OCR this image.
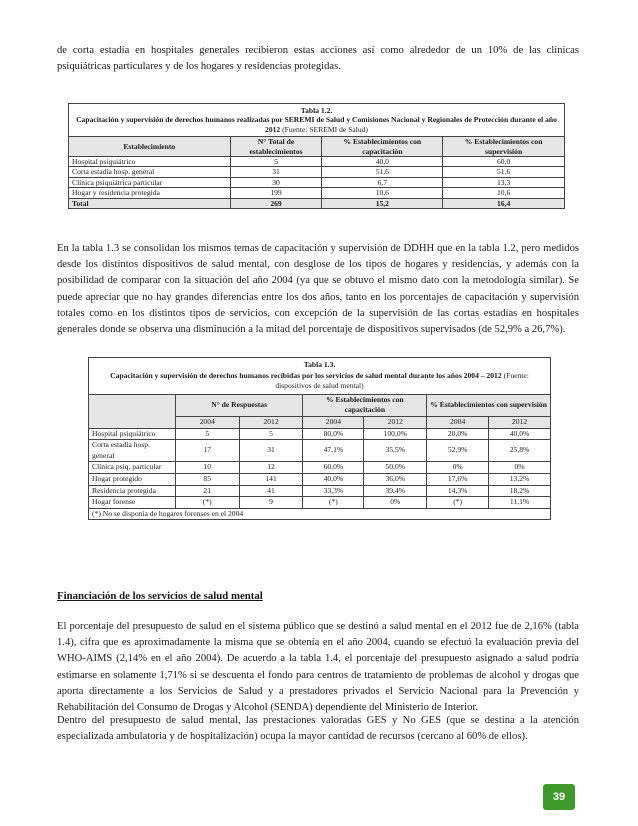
de corta estadía en hospitales generales recibieron estas acciones así como alrededor de un 10% de las clínicas psiquiátricas particulares y de los hogares y residencias protegidas.

Tabla 1.2.
Capacitación y supervisión de derechos humanos realizadas por SEREMI de Salud y Comisiones Nacional y Regionales de Protección durante el año 2012 (Fuente: SEREMI de Salud)			
Establecimiento	N° Total de establecimientos	% Establecimientos con capacitación	% Establecimientos con supervisión
Hospital psiquiátrico	5	40,0	60,0
Corta estadía hosp. general	31	51,6	51,6
Clínica psiquiátrica particular	30	6,7	13,3
Hogar y residencia protegida	199	10,6	10,6
Total	269	15,2	16,4

En la tabla 1.3 se consolidan los mismos temas de capacitación y supervisión de DDHH que en la tabla 1.2, pero medidos desde los distintos dispositivos de salud mental, con desglose de los tipos de hogares y residencias, y además con la posibilidad de comparar con la situación del año 2004 (ya que se obtuvo el mismo dato con la metodología similar). Se puede apreciar que no hay grandes diferencias entre los dos años, tanto en los porcentajes de capacitación y supervisión totales como en los distintos tipos de servicios, con excepción de la supervisión de las cortas estadías en hospitales generales donde se observa una disminución a la mitad del porcentaje de dispositivos supervisados (de 52,9% a 26,7%).

Tabla 1.3.
Capacitación y supervisión de derechos humanos recibidas por los servicios de salud mental durante los años 2004 – 2012 (Fuente: dispositivos de salud mental)						
	N° de Respuestas		% Establecimientos con capacitación		% Establecimientos con supervisión	
	2004	2012	2004	2012	2004	2012
Hospital psiquiátrico	5	5	80,0%	100,0%	20,0%	40,0%
Corta estadía hosp. general	17	31	47,1%	35,5%	52,9%	25,8%
Clínica psiq. particular	10	12	60,0%	50,0%	0%	0%
Hogar protegido	85	141	40,0%	36,0%	17,6%	13,2%
Residencia protegida	21	41	33,3%	39,4%	14,3%	18,2%
Hogar forense	(*)	9	(*)	0%	(*)	11,1%
(*) No se disponía de hogares forenses en el 2004						

Financiación de los servicios de salud mental

El porcentaje del presupuesto de salud en el sistema público que se destinó a salud mental en el 2012 fue de 2,16% (tabla 1.4), cifra que es aproximadamente la misma que se obtenía en el año 2004, cuando se efectuó la evaluación previa del WHO-AIMS (2,14% en el año 2004). De acuerdo a la tabla 1.4, el porcentaje del presupuesto asignado a salud podría estimarse en solamente 1,71% si se descuenta el fondo para centros de tratamiento de problemas de alcohol y drogas que aporta directamente a los Servicios de Salud y a prestadores privados el Servicio Nacional para la Prevención y Rehabilitación del Consumo de Drogas y Alcohol (SENDA) dependiente del Ministerio de Interior.

Dentro del presupuesto de salud mental, las prestaciones valoradas GES y No GES (que se destina a la atención especializada ambulatoria y de hospitalización) ocupa la mayor cantidad de recursos (cercano al 60% de ellos).

39
